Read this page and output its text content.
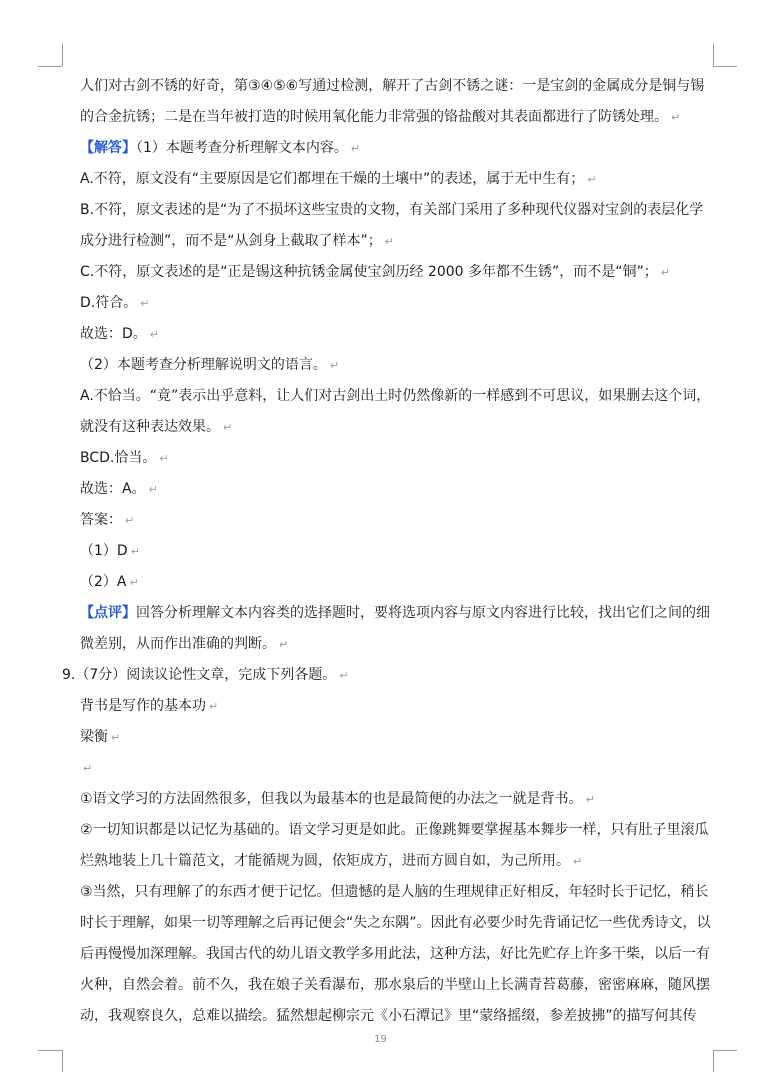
人们对古剑不锈的好奇，第③④⑤⑥写通过检测，解开了古剑不锈之谜：一是宝剑的金属成分是铜与锡
的合金抗锈；二是在当年被打造的时候用氧化能力非常强的铬盐酸对其表面都进行了防锈处理。 ↵
【解答】（1）本题考查分析理解文本内容。 ↵
A.不符，原文没有“主要原因是它们都埋在干燥的土壤中”的表述，属于无中生有； ↵
B.不符，原文表述的是“为了不损坏这些宝贵的文物，有关部门采用了多种现代仪器对宝剑的表层化学
成分进行检测”，而不是“从剑身上截取了样本”； ↵
C.不符，原文表述的是“正是锡这种抗锈金属使宝剑历经 2000 多年都不生锈”，而不是“铜”； ↵
D.符合。 ↵
故选：D。 ↵
（2）本题考查分析理解说明文的语言。 ↵
A.不恰当。“竟”表示出乎意料，让人们对古剑出土时仍然像新的一样感到不可思议，如果删去这个词，
就没有这种表达效果。 ↵
BCD.恰当。 ↵
故选：A。 ↵
答案： ↵
（1）D ↵
（2）A ↵
【点评】回答分析理解文本内容类的选择题时，要将选项内容与原文内容进行比较，找出它们之间的细
微差别，从而作出准确的判断。 ↵
9.（7分）阅读议论性文章，完成下列各题。 ↵
背书是写作的基本功 ↵
梁衡 ↵
↵
①语文学习的方法固然很多，但我以为最基本的也是最简便的办法之一就是背书。 ↵
②一切知识都是以记忆为基础的。语文学习更是如此。正像跳舞要掌握基本舞步一样，只有肚子里滚瓜
烂熟地装上几十篇范文，才能循规为圆，依矩成方，进而方圆自如，为己所用。 ↵
③当然，只有理解了的东西才便于记忆。但遗憾的是人脑的生理规律正好相反，年轻时长于记忆，稍长
时长于理解，如果一切等理解之后再记便会“失之东隅”。因此有必要少时先背诵记忆一些优秀诗文，以
后再慢慢加深理解。我国古代的幼儿语文教学多用此法，这种方法，好比先贮存上许多干柴，以后一有
火种，自然会着。前不久，我在娘子关看瀑布，那水泉后的半壁山上长满青苔葛藤，密密麻麻，随风摆
动，我观察良久，总难以描绘。猛然想起柳宗元《小石潭记》里“蒙络摇缀，参差披拂”的描写何其传
19
